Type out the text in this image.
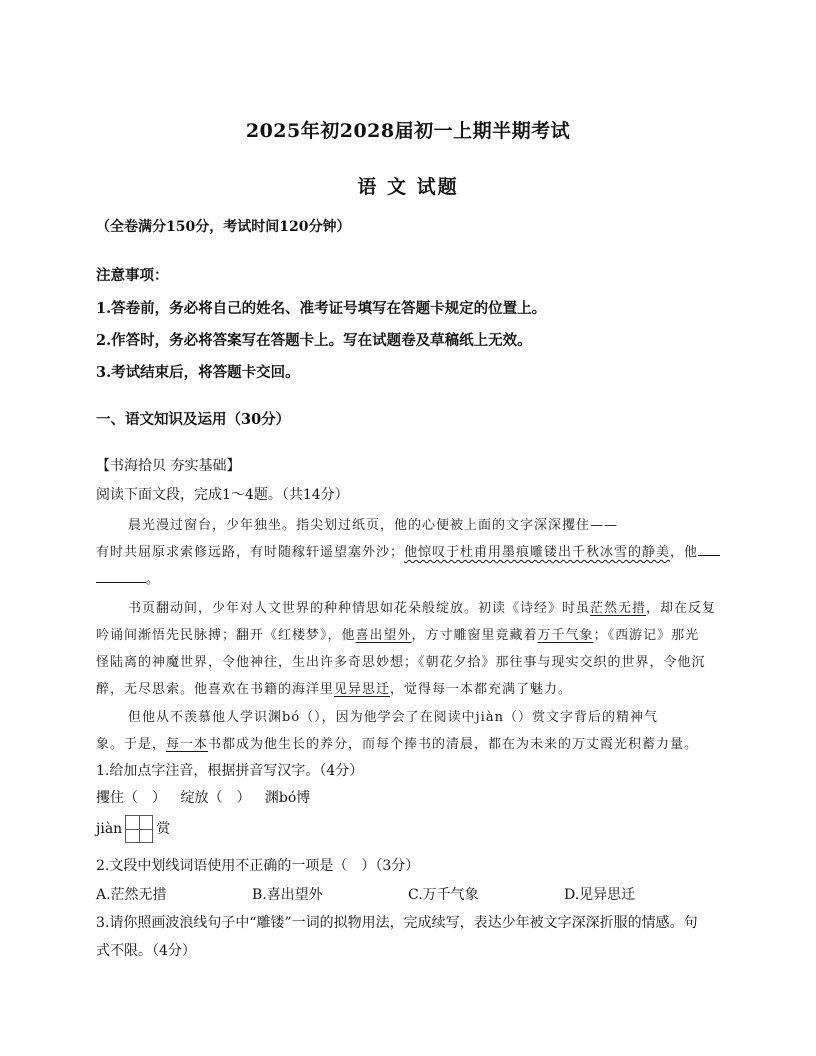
2025年初2028届初一上期半期考试
语 文 试题
（全卷满分150分，考试时间120分钟）
注意事项：
1.答卷前，务必将自己的姓名、准考证号填写在答题卡规定的位置上。
2.作答时，务必将答案写在答题卡上。写在试题卷及草稿纸上无效。
3.考试结束后，将答题卡交回。
一、语文知识及运用（30分）
【书海拾贝 夯实基础】
阅读下面文段，完成1～4题。（共14分）
晨光漫过窗台，少年独坐。指尖划过纸页，他的心便被上面的文字深深攫住——
有时共屈原求索修远路，有时随稼轩遥望塞外沙；他惊叹于杜甫用墨痕雕镂出千秋冰雪的静美，他
。
书页翻动间，少年对人文世界的种种情思如花朵般绽放。初读《诗经》时虽茫然无措，却在反复
吟诵间渐悟先民脉搏；翻开《红楼梦》，他喜出望外，方寸雕窗里竟藏着万千气象；《西游记》那光
怪陆离的神魔世界，令他神往，生出许多奇思妙想；《朝花夕拾》那往事与现实交织的世界，令他沉
醉，无尽思索。他喜欢在书籍的海洋里见异思迁，觉得每一本都充满了魅力。
但他从不羡慕他人学识渊bó（），因为他学会了在阅读中jiàn（）赏文字背后的精神气
象。于是，每一本书都成为他生长的养分，而每个捧书的清晨，都在为未来的万丈霞光积蓄力量。
1.给加点字注音，根据拼音写汉字。（4分）
攫住（　） 绽放（　） 渊bó博
jiàn 赏
2.文段中划线词语使用不正确的一项是（　）（3分）
A.茫然无措	B.喜出望外	C.万千气象	D.见异思迁
3.请你照画波浪线句子中“雕镂”一词的拟物用法，完成续写，表达少年被文字深深折服的情感。句
式不限。（4分）
